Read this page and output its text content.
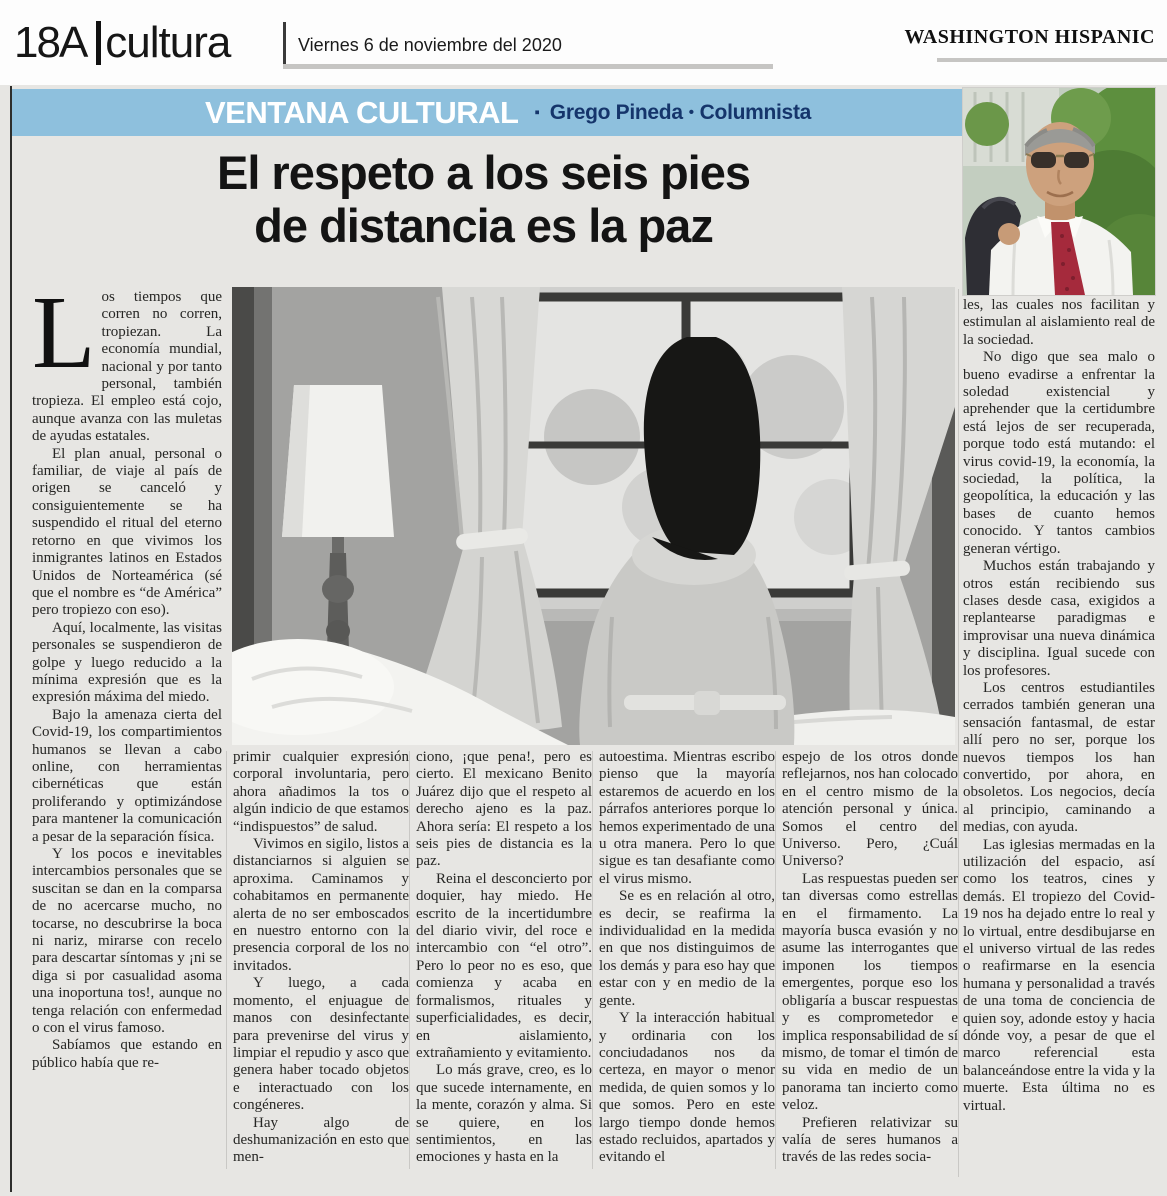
18A cultura	Viernes 6 de noviembre del 2020	WASHINGTON HISPANIC
VENTANA CULTURAL ▪ Grego Pineda • Columnista
El respeto a los seis pies
de distancia es la paz

Los tiempos que corren no corren, tropiezan. La economía mundial, nacional y por tanto personal, también tropieza. El empleo está cojo, aunque avanza con las muletas de ayudas estatales.

El plan anual, personal o familiar, de viaje al país de origen se canceló y consiguientemente se ha suspendido el ritual del eterno retorno en que vivimos los inmigrantes latinos en Estados Unidos de Norteamérica (sé que el nombre es “de América” pero tropiezo con eso).

Aquí, localmente, las visitas personales se suspendieron de golpe y luego reducido a la mínima expresión que es la expresión máxima del miedo.

Bajo la amenaza cierta del Covid-19, los compartimientos humanos se llevan a cabo online, con herramientas cibernéticas que están proliferando y optimizándose para mantener la comunicación a pesar de la separación física.

Y los pocos e inevitables intercambios personales que se suscitan se dan en la comparsa de no acercarse mucho, no tocarse, no descubrirse la boca ni nariz, mirarse con recelo para descartar síntomas y ¡ni se diga si por casualidad asoma una inoportuna tos!, aunque no tenga relación con enfermedad o con el virus famoso.

Sabíamos que estando en público había que re-

primir cualquier expresión corporal involuntaria, pero ahora añadimos la tos o algún indicio de que estamos “indispuestos” de salud.

Vivimos en sigilo, listos a distanciarnos si alguien se aproxima. Caminamos y cohabitamos en permanente alerta de no ser emboscados en nuestro entorno con la presencia corporal de los no invitados.

Y luego, a cada momento, el enjuague de manos con desinfectante para prevenirse del virus y limpiar el repudio y asco que genera haber tocado objetos e interactuado con los congéneres.

Hay algo de deshumanización en esto que men-

ciono, ¡que pena!, pero es cierto. El mexicano Benito Juárez dijo que el respeto al derecho ajeno es la paz. Ahora sería: El respeto a los seis pies de distancia es la paz.

Reina el desconcierto por doquier, hay miedo. He escrito de la incertidumbre del diario vivir, del roce e intercambio con “el otro”. Pero lo peor no es eso, que comienza y acaba en formalismos, rituales y superficialidades, es decir, en aislamiento, extrañamiento y evitamiento.

Lo más grave, creo, es lo que sucede internamente, en la mente, corazón y alma. Si se quiere, en los sentimientos, en las emociones y hasta en la

autoestima. Mientras escribo pienso que la mayoría estaremos de acuerdo en los párrafos anteriores porque lo hemos experimentado de una u otra manera. Pero lo que sigue es tan desafiante como el virus mismo.

Se es en relación al otro, es decir, se reafirma la individualidad en la medida en que nos distinguimos de los demás y para eso hay que estar con y en medio de la gente.

Y la interacción habitual y ordinaria con los conciudadanos nos da certeza, en mayor o menor medida, de quien somos y lo que somos. Pero en este largo tiempo donde hemos estado recluidos, apartados y evitando el

espejo de los otros donde reflejarnos, nos han colocado en el centro mismo de la atención personal y única. Somos el centro del Universo. Pero, ¿Cuál Universo?

Las respuestas pueden ser tan diversas como estrellas en el firmamento. La mayoría busca evasión y no asume las interrogantes que imponen los tiempos emergentes, porque eso los obligaría a buscar respuestas y es comprometedor e implica responsabilidad de sí mismo, de tomar el timón de su vida en medio de un panorama tan incierto como veloz.

Prefieren relativizar su valía de seres humanos a través de las redes socia-

les, las cuales nos facilitan y estimulan al aislamiento real de la sociedad.

No digo que sea malo o bueno evadirse a enfrentar la soledad existencial y aprehender que la certidumbre está lejos de ser recuperada, porque todo está mutando: el virus covid-19, la economía, la sociedad, la política, la geopolítica, la educación y las bases de cuanto hemos conocido. Y tantos cambios generan vértigo.

Muchos están trabajando y otros están recibiendo sus clases desde casa, exigidos a replantearse paradigmas e improvisar una nueva dinámica y disciplina. Igual sucede con los profesores.

Los centros estudiantiles cerrados también generan una sensación fantasmal, de estar allí pero no ser, porque los nuevos tiempos los han convertido, por ahora, en obsoletos. Los negocios, decía al principio, caminando a medias, con ayuda.

Las iglesias mermadas en la utilización del espacio, así como los teatros, cines y demás. El tropiezo del Covid-19 nos ha dejado entre lo real y lo virtual, entre desdibujarse en el universo virtual de las redes o reafirmarse en la esencia humana y personalidad a través de una toma de conciencia de quien soy, adonde estoy y hacia dónde voy, a pesar de que el marco referencial esta balanceándose entre la vida y la muerte. Esta última no es virtual.
